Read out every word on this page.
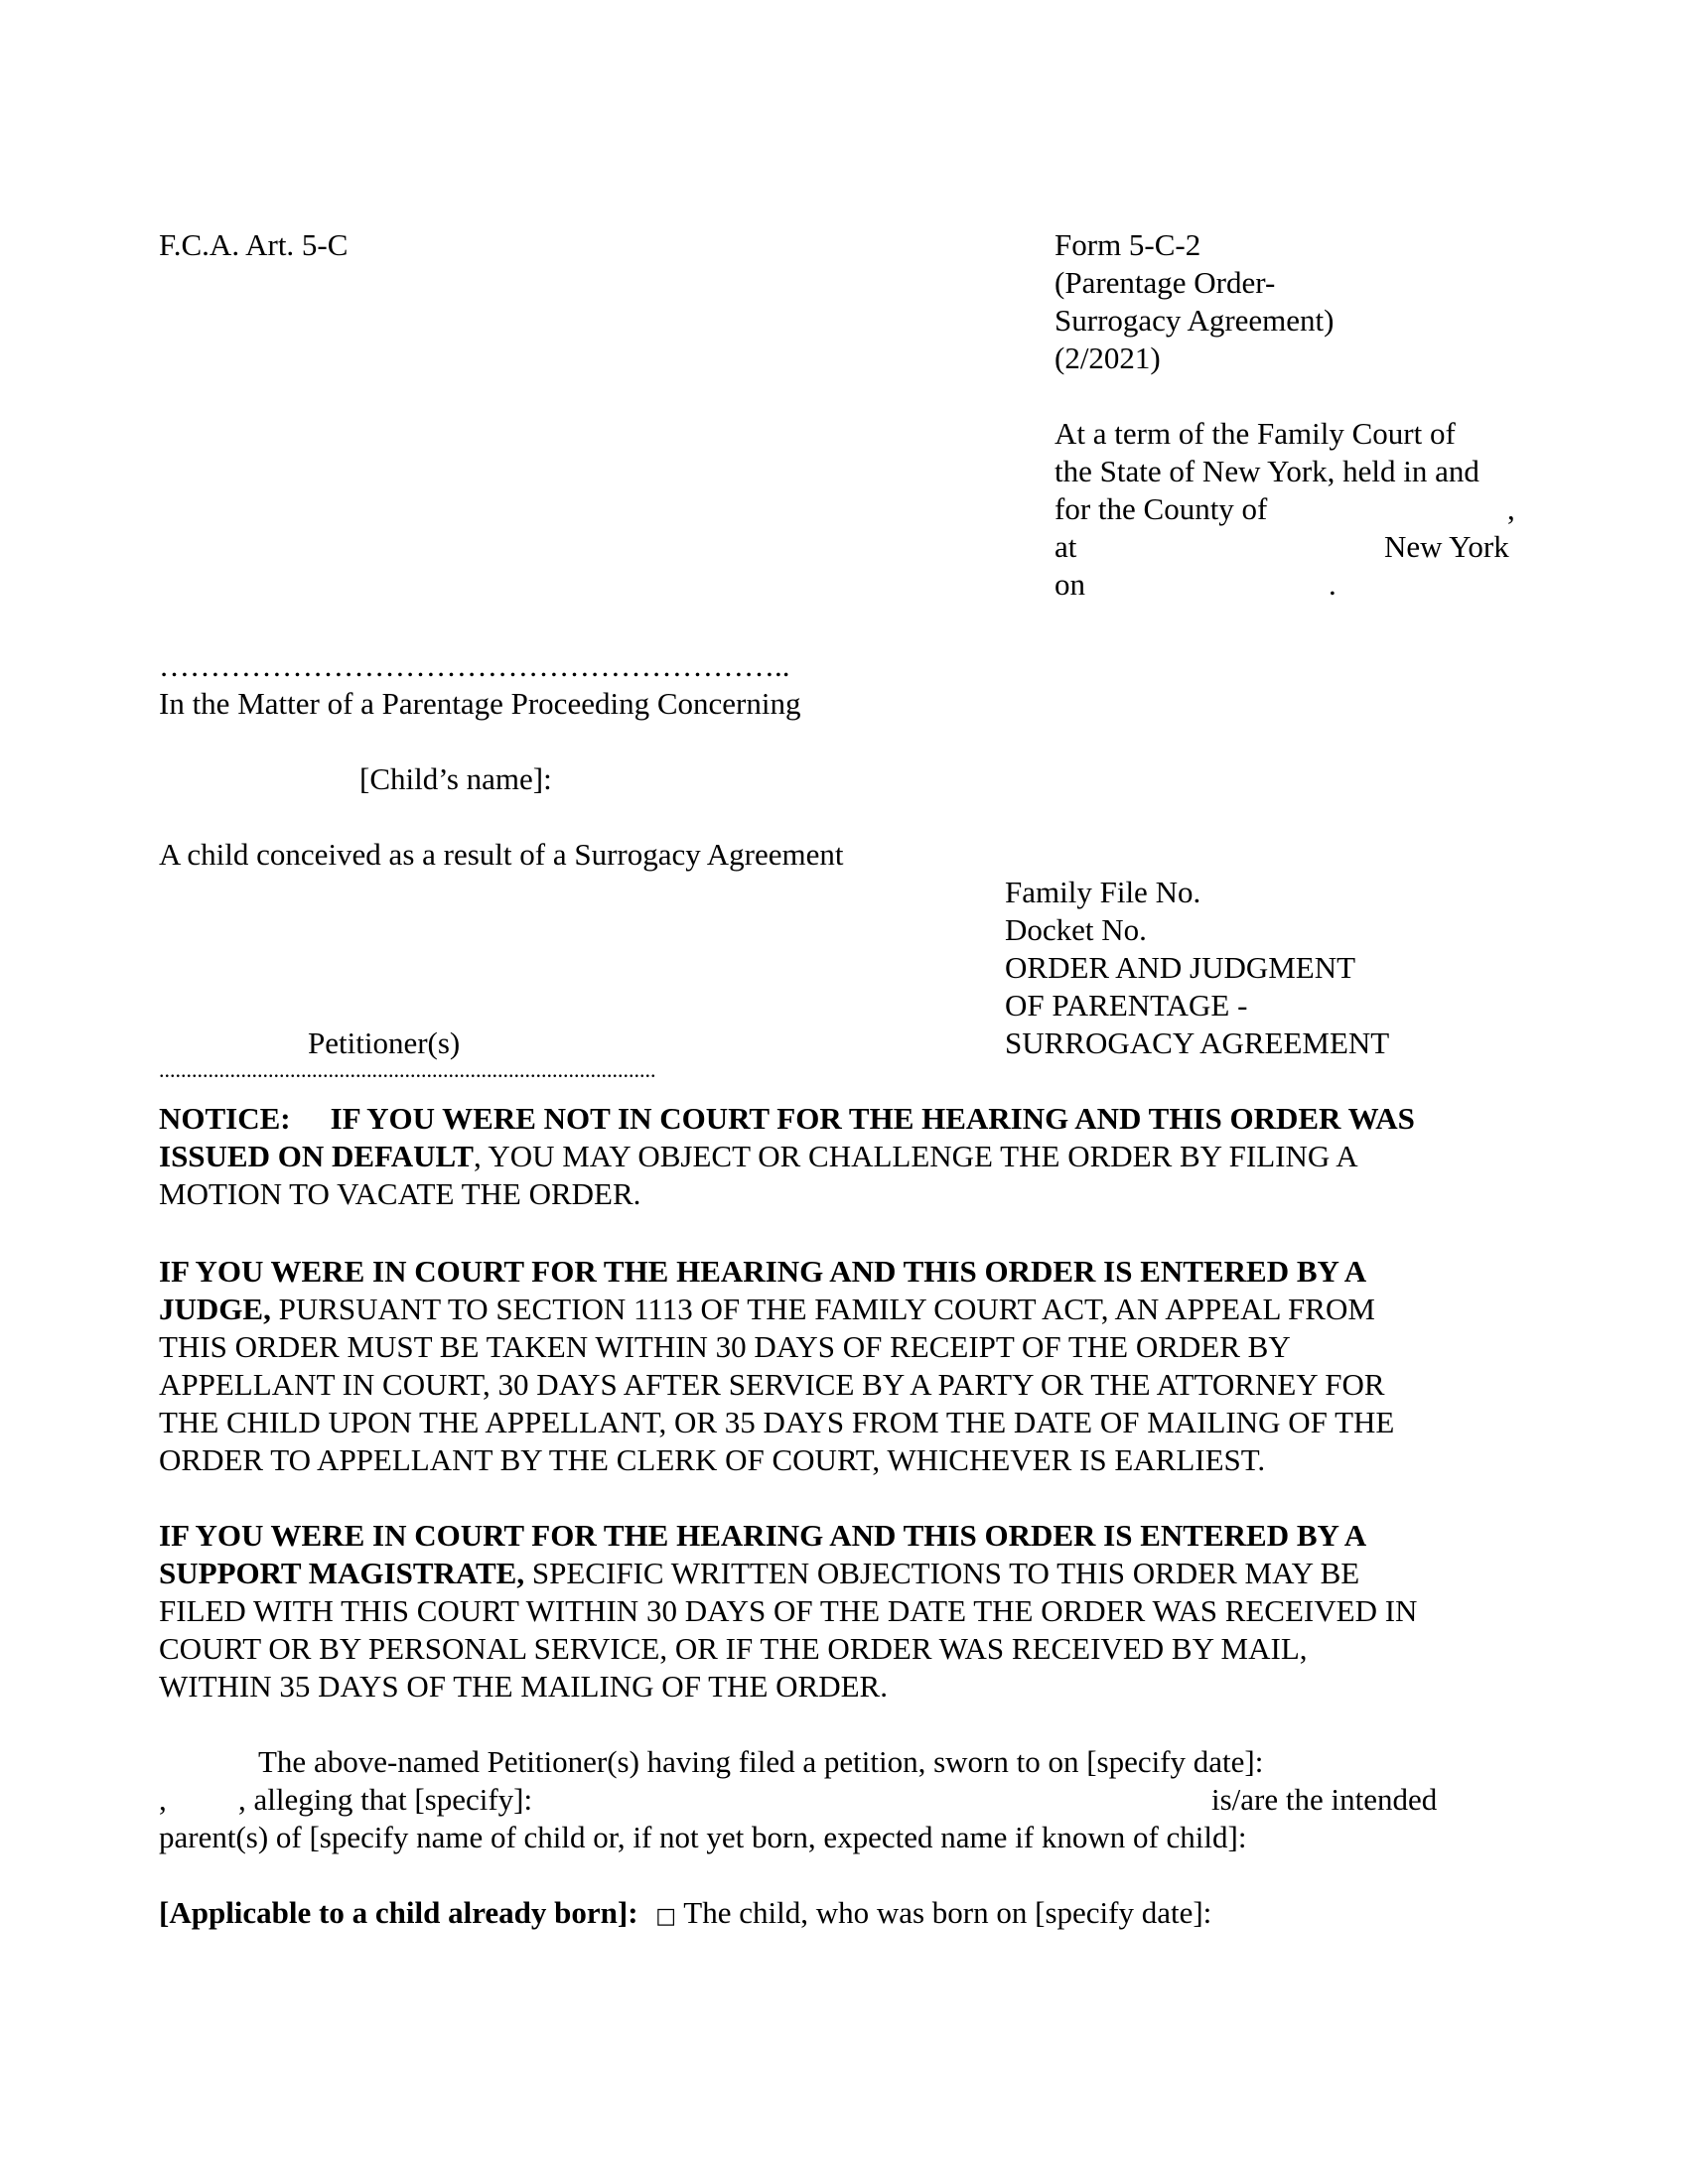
F.C.A. Art. 5-C	Form 5-C-2
(Parentage Order-
Surrogacy Agreement)
(2/2021)
At a term of the Family Court of
the State of New York, held in and
for the County of	,
at	New York
on	.
……………………………………………………..
In the Matter of a Parentage Proceeding Concerning
[Child’s name]:
A child conceived as a result of a Surrogacy Agreement
Family File No.
Docket No.
ORDER AND JUDGMENT
OF PARENTAGE -
SURROGACY AGREEMENT
Petitioner(s)
...........................................................................................
NOTICE: IF YOU WERE NOT IN COURT FOR THE HEARING AND THIS ORDER WAS
ISSUED ON DEFAULT, YOU MAY OBJECT OR CHALLENGE THE ORDER BY FILING A
MOTION TO VACATE THE ORDER.
IF YOU WERE IN COURT FOR THE HEARING AND THIS ORDER IS ENTERED BY A
JUDGE, PURSUANT TO SECTION 1113 OF THE FAMILY COURT ACT, AN APPEAL FROM
THIS ORDER MUST BE TAKEN WITHIN 30 DAYS OF RECEIPT OF THE ORDER BY
APPELLANT IN COURT, 30 DAYS AFTER SERVICE BY A PARTY OR THE ATTORNEY FOR
THE CHILD UPON THE APPELLANT, OR 35 DAYS FROM THE DATE OF MAILING OF THE
ORDER TO APPELLANT BY THE CLERK OF COURT, WHICHEVER IS EARLIEST.
IF YOU WERE IN COURT FOR THE HEARING AND THIS ORDER IS ENTERED BY A
SUPPORT MAGISTRATE, SPECIFIC WRITTEN OBJECTIONS TO THIS ORDER MAY BE
FILED WITH THIS COURT WITHIN 30 DAYS OF THE DATE THE ORDER WAS RECEIVED IN
COURT OR BY PERSONAL SERVICE, OR IF THE ORDER WAS RECEIVED BY MAIL,
WITHIN 35 DAYS OF THE MAILING OF THE ORDER.
The above-named Petitioner(s) having filed a petition, sworn to on [specify date]:
, , alleging that [specify]:	is/are the intended
parent(s) of [specify name of child or, if not yet born, expected name if known of child]:
[Applicable to a child already born]: □ The child, who was born on [specify date]:
